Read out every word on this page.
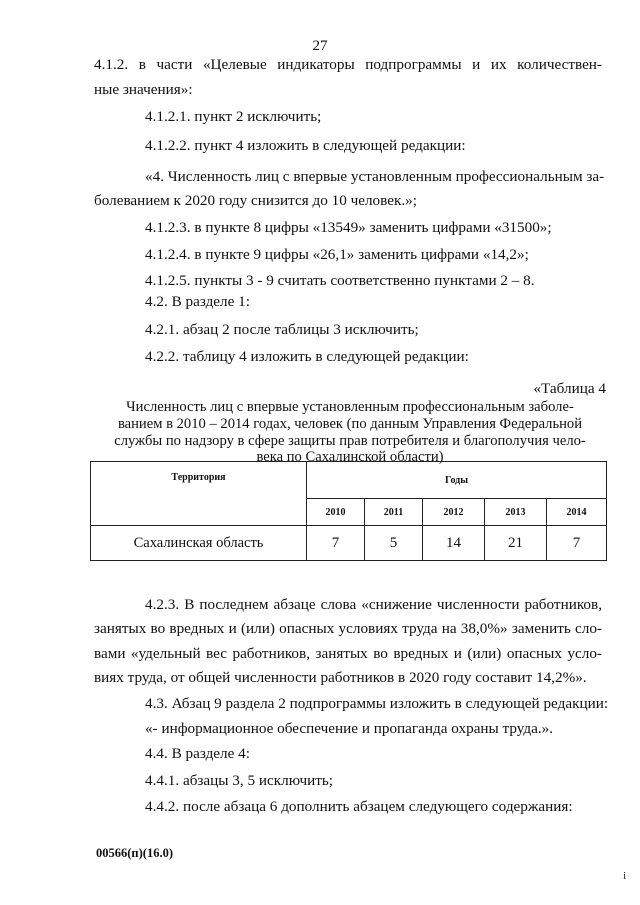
27
4.1.2. в части «Целевые индикаторы подпрограммы и их количествен-
ные значения»:
4.1.2.1. пункт 2 исключить;
4.1.2.2. пункт 4 изложить в следующей редакции:
«4. Численность лиц с впервые установленным профессиональным за-
болеванием к 2020 году снизится до 10 человек.»;
4.1.2.3. в пункте 8 цифры «13549» заменить цифрами «31500»;
4.1.2.4. в пункте 9 цифры «26,1» заменить цифрами «14,2»;
4.1.2.5. пункты 3 - 9 считать соответственно пунктами 2 – 8.
4.2. В разделе 1:
4.2.1. абзац 2 после таблицы 3 исключить;
4.2.2. таблицу 4 изложить в следующей редакции:
«Таблица 4
Численность лиц с впервые установленным профессиональным заболе-
ванием в 2010 – 2014 годах, человек (по данным Управления Федеральной
службы по надзору в сфере защиты прав потребителя и благополучия чело-
века по Сахалинской области)
Территория	Годы				
	2010	2011	2012	2013	2014
Сахалинская область	7	5	14	21	7
4.2.3. В последнем абзаце слова «снижение численности работников,
занятых во вредных и (или) опасных условиях труда на 38,0%» заменить сло-
вами «удельный вес работников, занятых во вредных и (или) опасных усло-
виях труда, от общей численности работников в 2020 году составит 14,2%».
4.3. Абзац 9 раздела 2 подпрограммы изложить в следующей редакции:
«- информационное обеспечение и пропаганда охраны труда.».
4.4. В разделе 4:
4.4.1. абзацы 3, 5 исключить;
4.4.2. после абзаца 6 дополнить абзацем следующего содержания:
00566(п)(16.0)
i
